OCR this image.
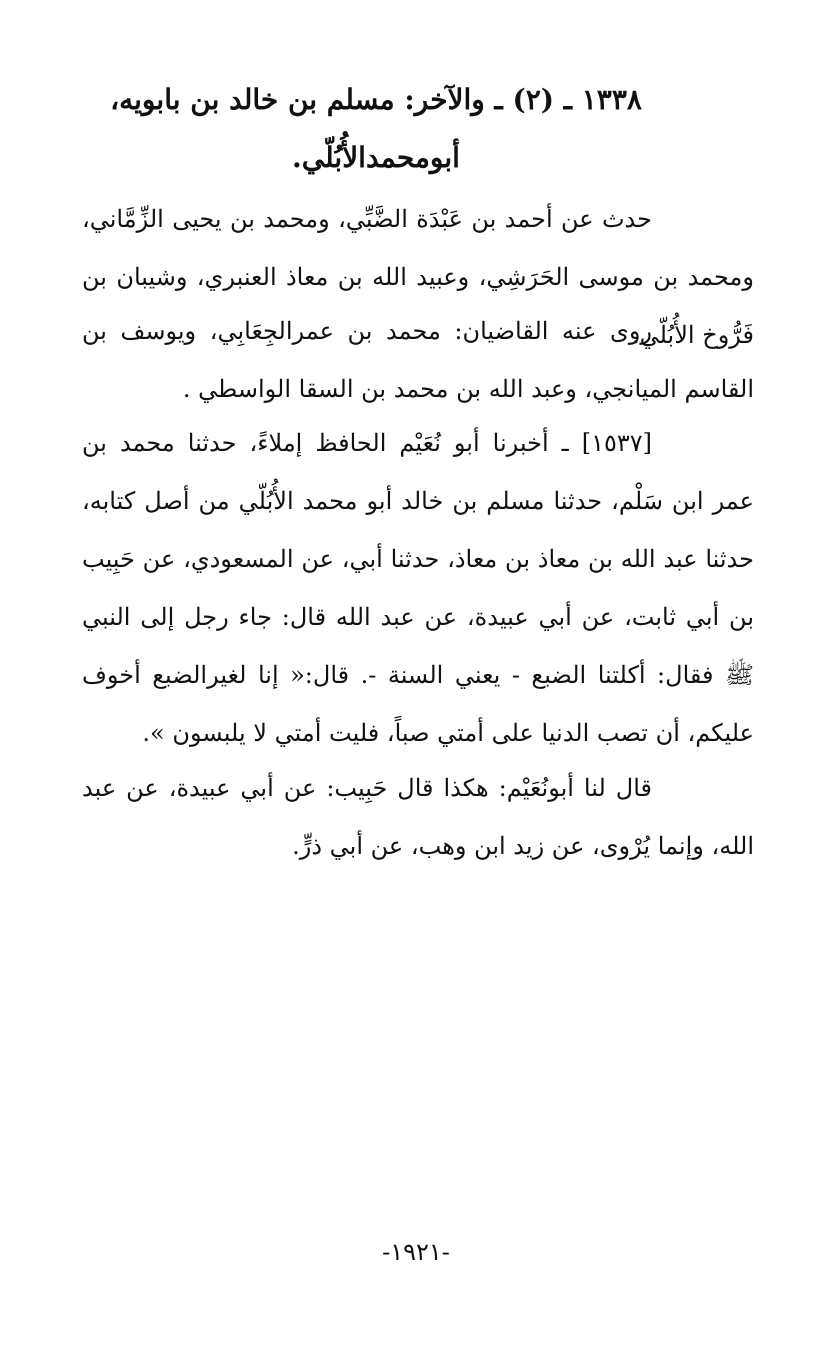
١٣٣٨ ـ (٢) ـ والآخر: مسلم بن خالد بن بابويه،
أبومحمدالأُبُلّي.

حدث عن أحمد بن عَبْدَة الضَّبِّي، ومحمد بن يحيى الزِّمَّاني، ومحمد بن موسى الحَرَشِي، وعبيد الله بن معاذ العنبري، وشيبان بن فَرُّوخ الأُبُلّي.

روى عنه القاضيان: محمد بن عمرالجِعَابِي، ويوسف بن القاسم الميانجي، وعبد الله بن محمد بن السقا الواسطي .

[١٥٣٧] ـ أخبرنا أبو نُعَيْم الحافظ إملاءً، حدثنا محمد بن عمر ابن سَلْم، حدثنا مسلم بن خالد أبو محمد الأُبُلّي من أصل كتابه، حدثنا عبد الله بن معاذ بن معاذ، حدثنا أبي، عن المسعودي، عن حَبِيب بن أبي ثابت، عن أبي عبيدة، عن عبد الله قال: جاء رجل إلى النبي ﷺ فقال: أكلتنا الضبع - يعني السنة -. قال:« إنا لغيرالضبع أخوف عليكم، أن تصب الدنيا على أمتي صباً، فليت أمتي لا يلبسون ».

قال لنا أبونُعَيْم: هكذا قال حَبِيب: عن أبي عبيدة، عن عبد الله، وإنما يُرْوى، عن زيد ابن وهب، عن أبي ذرٍّ.

-١٩٢١-
